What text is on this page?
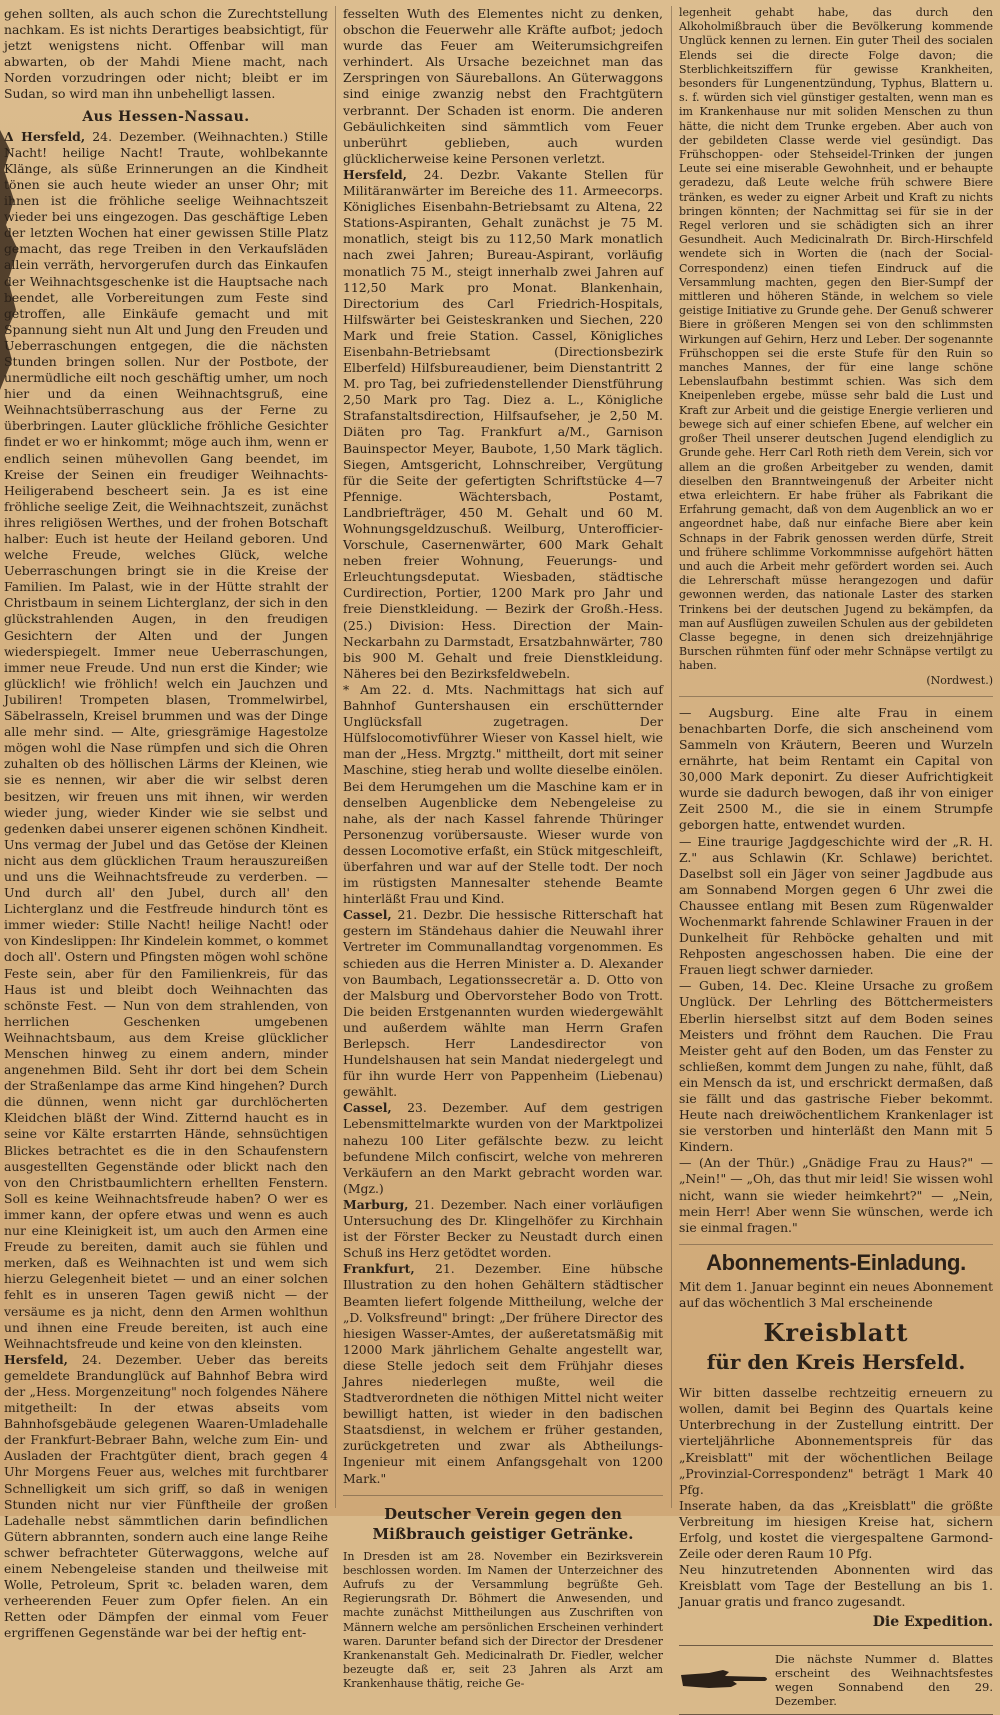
gehen sollten, als auch schon die Zurechtstellung nachkam. Es ist nichts Derartiges beabsichtigt, für jetzt wenigstens nicht. Offenbar will man abwarten, ob der Mahdi Miene macht, nach Norden vorzudringen oder nicht; bleibt er im Sudan, so wird man ihn unbehelligt lassen.

Aus Hessen-Nassau.

Δ Hersfeld, 24. Dezember. (Weihnachten.) Stille Nacht! heilige Nacht! Traute, wohlbekannte Klänge, als süße Erinnerungen an die Kindheit tönen sie auch heute wieder an unser Ohr; mit ihnen ist die fröhliche seelige Weihnachtszeit wieder bei uns eingezogen. Das geschäftige Leben der letzten Wochen hat einer gewissen Stille Platz gemacht, das rege Treiben in den Verkaufsläden allein verräth, hervorgerufen durch das Einkaufen der Weihnachtsgeschenke ist die Hauptsache nach beendet, alle Vorbereitungen zum Feste sind getroffen, alle Einkäufe gemacht und mit Spannung sieht nun Alt und Jung den Freuden und Ueberraschungen entgegen, die die nächsten Stunden bringen sollen. Nur der Postbote, der unermüdliche eilt noch geschäftig umher, um noch hier und da einen Weihnachtsgruß, eine Weihnachtsüberraschung aus der Ferne zu überbringen. Lauter glückliche fröhliche Gesichter findet er wo er hinkommt; möge auch ihm, wenn er endlich seinen mühevollen Gang beendet, im Kreise der Seinen ein freudiger Weihnachts-Heiligerabend bescheert sein. Ja es ist eine fröhliche seelige Zeit, die Weihnachtszeit, zunächst ihres religiösen Werthes, und der frohen Botschaft halber: Euch ist heute der Heiland geboren. Und welche Freude, welches Glück, welche Ueberraschungen bringt sie in die Kreise der Familien. Im Palast, wie in der Hütte strahlt der Christbaum in seinem Lichterglanz, der sich in den glückstrahlenden Augen, in den freudigen Gesichtern der Alten und der Jungen wiederspiegelt. Immer neue Ueberraschungen, immer neue Freude. Und nun erst die Kinder; wie glücklich! wie fröhlich! welch ein Jauchzen und Jubiliren! Trompeten blasen, Trommelwirbel, Säbelrasseln, Kreisel brummen und was der Dinge alle mehr sind. — Alte, griesgrämige Hagestolze mögen wohl die Nase rümpfen und sich die Ohren zuhalten ob des höllischen Lärms der Kleinen, wie sie es nennen, wir aber die wir selbst deren besitzen, wir freuen uns mit ihnen, wir werden wieder jung, wieder Kinder wie sie selbst und gedenken dabei unserer eigenen schönen Kindheit. Uns vermag der Jubel und das Getöse der Kleinen nicht aus dem glücklichen Traum herauszureißen und uns die Weihnachtsfreude zu verderben. — Und durch all' den Jubel, durch all' den Lichterglanz und die Festfreude hindurch tönt es immer wieder: Stille Nacht! heilige Nacht! oder von Kindeslippen: Ihr Kindelein kommet, o kommet doch all'. Ostern und Pfingsten mögen wohl schöne Feste sein, aber für den Familienkreis, für das Haus ist und bleibt doch Weihnachten das schönste Fest. — Nun von dem strahlenden, von herrlichen Geschenken umgebenen Weihnachtsbaum, aus dem Kreise glücklicher Menschen hinweg zu einem andern, minder angenehmen Bild. Seht ihr dort bei dem Schein der Straßenlampe das arme Kind hingehen? Durch die dünnen, wenn nicht gar durchlöcherten Kleidchen bläßt der Wind. Zitternd haucht es in seine vor Kälte erstarrten Hände, sehnsüchtigen Blickes betrachtet es die in den Schaufenstern ausgestellten Gegenstände oder blickt nach den von den Christbaumlichtern erhellten Fenstern. Soll es keine Weihnachtsfreude haben? O wer es immer kann, der opfere etwas und wenn es auch nur eine Kleinigkeit ist, um auch den Armen eine Freude zu bereiten, damit auch sie fühlen und merken, daß es Weihnachten ist und wem sich hierzu Gelegenheit bietet — und an einer solchen fehlt es in unseren Tagen gewiß nicht — der versäume es ja nicht, denn den Armen wohlthun und ihnen eine Freude bereiten, ist auch eine Weihnachtsfreude und keine von den kleinsten.

Hersfeld, 24. Dezember. Ueber das bereits gemeldete Brandunglück auf Bahnhof Bebra wird der „Hess. Morgenzeitung" noch folgendes Nähere mitgetheilt: In der etwas abseits vom Bahnhofsgebäude gelegenen Waaren-Umladehalle der Frankfurt-Bebraer Bahn, welche zum Ein- und Ausladen der Frachtgüter dient, brach gegen 4 Uhr Morgens Feuer aus, welches mit furchtbarer Schnelligkeit um sich griff, so daß in wenigen Stunden nicht nur vier Fünftheile der großen Ladehalle nebst sämmtlichen darin befindlichen Gütern abbrannten, sondern auch eine lange Reihe schwer befrachteter Güterwaggons, welche auf einem Nebengeleise standen und theilweise mit Wolle, Petroleum, Sprit ꝛc. beladen waren, dem verheerenden Feuer zum Opfer fielen. An ein Retten oder Dämpfen der einmal vom Feuer ergriffenen Gegenstände war bei der heftig ent-

fesselten Wuth des Elementes nicht zu denken, obschon die Feuerwehr alle Kräfte aufbot; jedoch wurde das Feuer am Weiterumsichgreifen verhindert. Als Ursache bezeichnet man das Zerspringen von Säureballons. An Güterwaggons sind einige zwanzig nebst den Frachtgütern verbrannt. Der Schaden ist enorm. Die anderen Gebäulichkeiten sind sämmtlich vom Feuer unberührt geblieben, auch wurden glücklicherweise keine Personen verletzt.

Hersfeld, 24. Dezbr. Vakante Stellen für Militäranwärter im Bereiche des 11. Armeecorps. Königliches Eisenbahn-Betriebsamt zu Altena, 22 Stations-Aspiranten, Gehalt zunächst je 75 M. monatlich, steigt bis zu 112,50 Mark monatlich nach zwei Jahren; Bureau-Aspirant, vorläufig monatlich 75 M., steigt innerhalb zwei Jahren auf 112,50 Mark pro Monat. Blankenhain, Directorium des Carl Friedrich-Hospitals, Hilfswärter bei Geisteskranken und Siechen, 220 Mark und freie Station. Cassel, Königliches Eisenbahn-Betriebsamt (Directionsbezirk Elberfeld) Hilfsbureaudiener, beim Dienstantritt 2 M. pro Tag, bei zufriedenstellender Dienstführung 2,50 Mark pro Tag. Diez a. L., Königliche Strafanstaltsdirection, Hilfsaufseher, je 2,50 M. Diäten pro Tag. Frankfurt a/M., Garnison Bauinspector Meyer, Baubote, 1,50 Mark täglich. Siegen, Amtsgericht, Lohnschreiber, Vergütung für die Seite der gefertigten Schriftstücke 4—7 Pfennige. Wächtersbach, Postamt, Landbriefträger, 450 M. Gehalt und 60 M. Wohnungsgeldzuschuß. Weilburg, Unterofficier-Vorschule, Casernenwärter, 600 Mark Gehalt neben freier Wohnung, Feuerungs- und Erleuchtungsdeputat. Wiesbaden, städtische Curdirection, Portier, 1200 Mark pro Jahr und freie Dienstkleidung. — Bezirk der Großh.-Hess. (25.) Division: Hess. Direction der Main-Neckarbahn zu Darmstadt, Ersatzbahnwärter, 780 bis 900 M. Gehalt und freie Dienstkleidung. Näheres bei den Bezirksfeldwebeln.

* Am 22. d. Mts. Nachmittags hat sich auf Bahnhof Guntershausen ein erschütternder Unglücksfall zugetragen. Der Hülfslocomotivführer Wieser von Kassel hielt, wie man der „Hess. Mrgztg." mittheilt, dort mit seiner Maschine, stieg herab und wollte dieselbe einölen. Bei dem Herumgehen um die Maschine kam er in denselben Augenblicke dem Nebengeleise zu nahe, als der nach Kassel fahrende Thüringer Personenzug vorübersauste. Wieser wurde von dessen Locomotive erfaßt, ein Stück mitgeschleift, überfahren und war auf der Stelle todt. Der noch im rüstigsten Mannesalter stehende Beamte hinterläßt Frau und Kind.

Cassel, 21. Dezbr. Die hessische Ritterschaft hat gestern im Ständehaus dahier die Neuwahl ihrer Vertreter im Communallandtag vorgenommen. Es schieden aus die Herren Minister a. D. Alexander von Baumbach, Legationssecretär a. D. Otto von der Malsburg und Obervorsteher Bodo von Trott. Die beiden Erstgenannten wurden wiedergewählt und außerdem wählte man Herrn Grafen Berlepsch. Herr Landesdirector von Hundelshausen hat sein Mandat niedergelegt und für ihn wurde Herr von Pappenheim (Liebenau) gewählt.

Cassel, 23. Dezember. Auf dem gestrigen Lebensmittelmarkte wurden von der Marktpolizei nahezu 100 Liter gefälschte bezw. zu leicht befundene Milch confiscirt, welche von mehreren Verkäufern an den Markt gebracht worden war. (Mgz.)

Marburg, 21. Dezember. Nach einer vorläufigen Untersuchung des Dr. Klingelhöfer zu Kirchhain ist der Förster Becker zu Neustadt durch einen Schuß ins Herz getödtet worden.

Frankfurt, 21. Dezember. Eine hübsche Illustration zu den hohen Gehältern städtischer Beamten liefert folgende Mittheilung, welche der „D. Volksfreund" bringt: „Der frühere Director des hiesigen Wasser-Amtes, der außeretatsmäßig mit 12000 Mark jährlichem Gehalte angestellt war, diese Stelle jedoch seit dem Frühjahr dieses Jahres niederlegen mußte, weil die Stadtverordneten die nöthigen Mittel nicht weiter bewilligt hatten, ist wieder in den badischen Staatsdienst, in welchem er früher gestanden, zurückgetreten und zwar als Abtheilungs-Ingenieur mit einem Anfangsgehalt von 1200 Mark."

Deutscher Verein gegen den Mißbrauch geistiger Getränke.

In Dresden ist am 28. November ein Bezirksverein beschlossen worden. Im Namen der Unterzeichner des Aufrufs zu der Versammlung begrüßte Geh. Regierungsrath Dr. Böhmert die Anwesenden, und machte zunächst Mittheilungen aus Zuschriften von Männern welche am persönlichen Erscheinen verhindert waren. Darunter befand sich der Director der Dresdener Krankenanstalt Geh. Medicinalrath Dr. Fiedler, welcher bezeugte daß er, seit 23 Jahren als Arzt am Krankenhause thätig, reiche Ge-

legenheit gehabt habe, das durch den Alkoholmißbrauch über die Bevölkerung kommende Unglück kennen zu lernen. Ein guter Theil des socialen Elends sei die directe Folge davon; die Sterblichkeitsziffern für gewisse Krankheiten, besonders für Lungenentzündung, Typhus, Blattern u. s. f. würden sich viel günstiger gestalten, wenn man es im Krankenhause nur mit soliden Menschen zu thun hätte, die nicht dem Trunke ergeben. Aber auch von der gebildeten Classe werde viel gesündigt. Das Frühschoppen- oder Stehseidel-Trinken der jungen Leute sei eine miserable Gewohnheit, und er behaupte geradezu, daß Leute welche früh schwere Biere tränken, es weder zu eigner Arbeit und Kraft zu nichts bringen könnten; der Nachmittag sei für sie in der Regel verloren und sie schädigten sich an ihrer Gesundheit. Auch Medicinalrath Dr. Birch-Hirschfeld wendete sich in Worten die (nach der Social-Correspondenz) einen tiefen Eindruck auf die Versammlung machten, gegen den Bier-Sumpf der mittleren und höheren Stände, in welchem so viele geistige Initiative zu Grunde gehe. Der Genuß schwerer Biere in größeren Mengen sei von den schlimmsten Wirkungen auf Gehirn, Herz und Leber. Der sogenannte Frühschoppen sei die erste Stufe für den Ruin so manches Mannes, der für eine lange schöne Lebenslaufbahn bestimmt schien. Was sich dem Kneipenleben ergebe, müsse sehr bald die Lust und Kraft zur Arbeit und die geistige Energie verlieren und bewege sich auf einer schiefen Ebene, auf welcher ein großer Theil unserer deutschen Jugend elendiglich zu Grunde gehe. Herr Carl Roth rieth dem Verein, sich vor allem an die großen Arbeitgeber zu wenden, damit dieselben den Branntweingenuß der Arbeiter nicht etwa erleichtern. Er habe früher als Fabrikant die Erfahrung gemacht, daß von dem Augenblick an wo er angeordnet habe, daß nur einfache Biere aber kein Schnaps in der Fabrik genossen werden dürfe, Streit und frühere schlimme Vorkommnisse aufgehört hätten und auch die Arbeit mehr gefördert worden sei. Auch die Lehrerschaft müsse herangezogen und dafür gewonnen werden, das nationale Laster des starken Trinkens bei der deutschen Jugend zu bekämpfen, da man auf Ausflügen zuweilen Schulen aus der gebildeten Classe begegne, in denen sich dreizehnjährige Burschen rühmten fünf oder mehr Schnäpse vertilgt zu haben.

(Nordwest.)

— Augsburg. Eine alte Frau in einem benachbarten Dorfe, die sich anscheinend vom Sammeln von Kräutern, Beeren und Wurzeln ernährte, hat beim Rentamt ein Capital von 30,000 Mark deponirt. Zu dieser Aufrichtigkeit wurde sie dadurch bewogen, daß ihr von einiger Zeit 2500 M., die sie in einem Strumpfe geborgen hatte, entwendet wurden.

— Eine traurige Jagdgeschichte wird der „R. H. Z." aus Schlawin (Kr. Schlawe) berichtet. Daselbst soll ein Jäger von seiner Jagdbude aus am Sonnabend Morgen gegen 6 Uhr zwei die Chaussee entlang mit Besen zum Rügenwalder Wochenmarkt fahrende Schlawiner Frauen in der Dunkelheit für Rehböcke gehalten und mit Rehposten angeschossen haben. Die eine der Frauen liegt schwer darnieder.

— Guben, 14. Dec. Kleine Ursache zu großem Unglück. Der Lehrling des Böttchermeisters Eberlin hierselbst sitzt auf dem Boden seines Meisters und fröhnt dem Rauchen. Die Frau Meister geht auf den Boden, um das Fenster zu schließen, kommt dem Jungen zu nahe, fühlt, daß ein Mensch da ist, und erschrickt dermaßen, daß sie fällt und das gastrische Fieber bekommt. Heute nach dreiwöchentlichem Krankenlager ist sie verstorben und hinterläßt den Mann mit 5 Kindern.

— (An der Thür.) „Gnädige Frau zu Haus?" — „Nein!" — „Oh, das thut mir leid! Sie wissen wohl nicht, wann sie wieder heimkehrt?" — „Nein, mein Herr! Aber wenn Sie wünschen, werde ich sie einmal fragen."

Abonnements-Einladung.

Mit dem 1. Januar beginnt ein neues Abonnement auf das wöchentlich 3 Mal erscheinende

Kreisblatt
für den Kreis Hersfeld.

Wir bitten dasselbe rechtzeitig erneuern zu wollen, damit bei Beginn des Quartals keine Unterbrechung in der Zustellung eintritt. Der vierteljährliche Abonnementspreis für das „Kreisblatt" mit der wöchentlichen Beilage „Provinzial-Correspondenz" beträgt 1 Mark 40 Pfg.

Inserate haben, da das „Kreisblatt" die größte Verbreitung im hiesigen Kreise hat, sichern Erfolg, und kostet die viergespaltene Garmond-Zeile oder deren Raum 10 Pfg.

Neu hinzutretenden Abonnenten wird das Kreisblatt vom Tage der Bestellung an bis 1. Januar gratis und franco zugesandt.

Die Expedition.

Die nächste Nummer d. Blattes erscheint des Weihnachtsfestes wegen Sonnabend den 29. Dezember.
